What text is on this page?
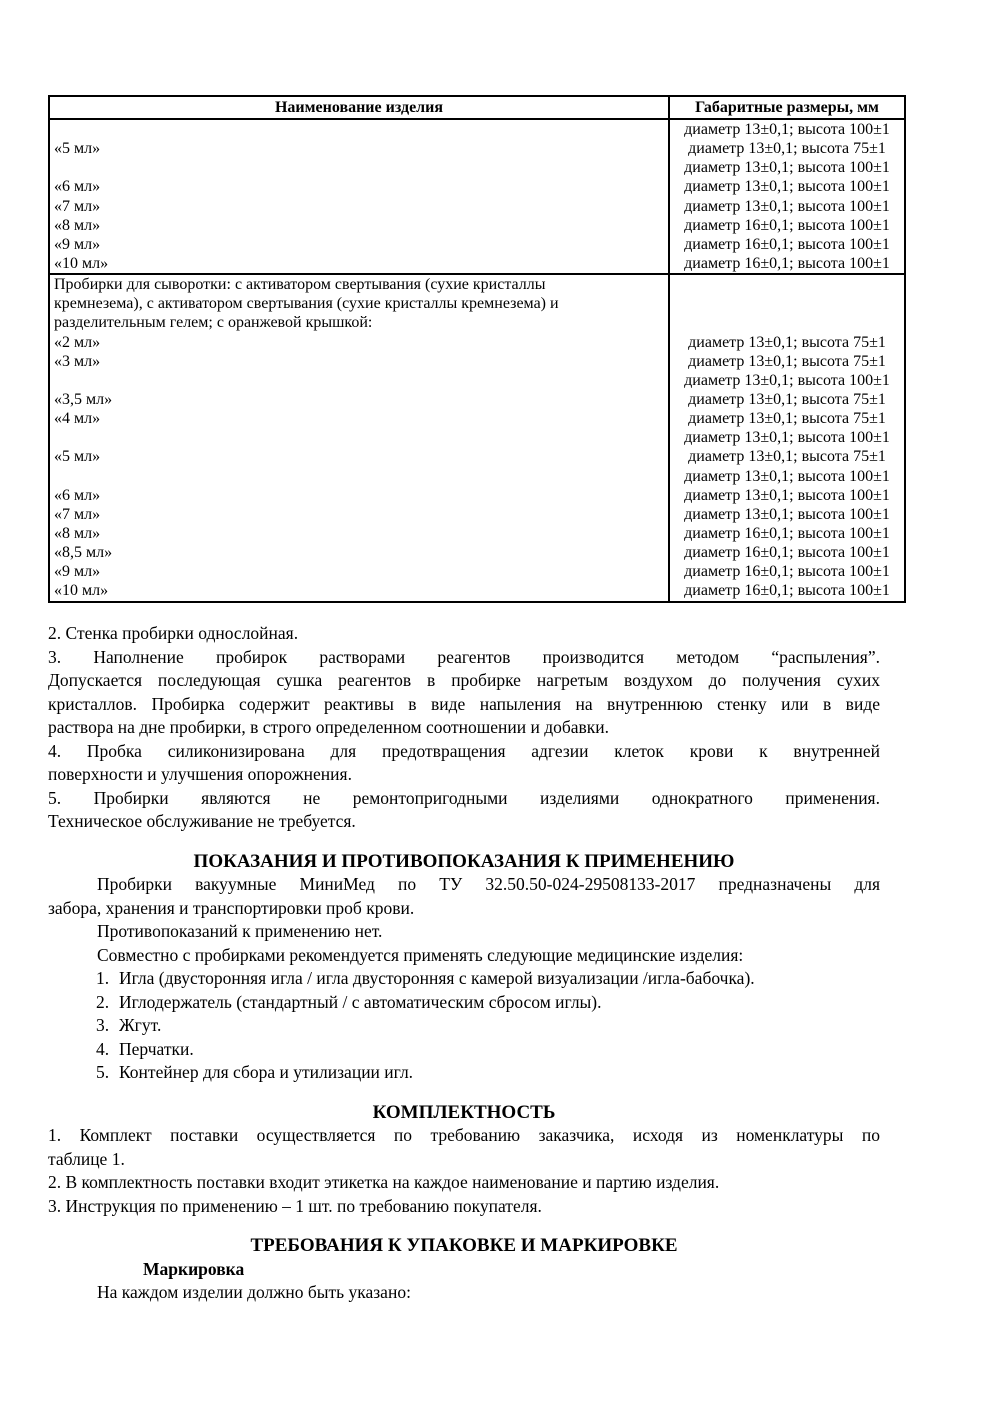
Наименование изделия	Габаритные размеры, мм

«5 мл»

«6 мл»
«7 мл»
«8 мл»
«9 мл»
«10 мл»
диаметр 13±0,1; высота 100±1
диаметр 13±0,1; высота 75±1
диаметр 13±0,1; высота 100±1
диаметр 13±0,1; высота 100±1
диаметр 13±0,1; высота 100±1
диаметр 16±0,1; высота 100±1
диаметр 16±0,1; высота 100±1
диаметр 16±0,1; высота 100±1
Пробирки для сыворотки: с активатором свертывания (сухие кристаллы
кремнезема), с активатором свертывания (сухие кристаллы кремнезема) и
разделительным гелем; с оранжевой крышкой:
«2 мл»
«3 мл»

«3,5 мл»
«4 мл»

«5 мл»

«6 мл»
«7 мл»
«8 мл»
«8,5 мл»
«9 мл»
«10 мл»

диаметр 13±0,1; высота 75±1
диаметр 13±0,1; высота 75±1
диаметр 13±0,1; высота 100±1
диаметр 13±0,1; высота 75±1
диаметр 13±0,1; высота 75±1
диаметр 13±0,1; высота 100±1
диаметр 13±0,1; высота 75±1
диаметр 13±0,1; высота 100±1
диаметр 13±0,1; высота 100±1
диаметр 13±0,1; высота 100±1
диаметр 16±0,1; высота 100±1
диаметр 16±0,1; высота 100±1
диаметр 16±0,1; высота 100±1
диаметр 16±0,1; высота 100±1
2. Стенка пробирки однослойная.
3. Наполнение пробирок растворами реагентов производится методом “распыления”.
Допускается последующая сушка реагентов в пробирке нагретым воздухом до получения сухих
кристаллов. Пробирка содержит реактивы в виде напыления на внутреннюю стенку или в виде
раствора на дне пробирки, в строго определенном соотношении и добавки.
4. Пробка силиконизирована для предотвращения адгезии клеток крови к внутренней
поверхности и улучшения опорожнения.
5. Пробирки являются не ремонтопригодными изделиями однократного применения.
Техническое обслуживание не требуется.
ПОКАЗАНИЯ И ПРОТИВОПОКАЗАНИЯ К ПРИМЕНЕНИЮ
Пробирки вакуумные МиниМед по ТУ 32.50.50-024-29508133-2017 предназначены для
забора, хранения и транспортировки проб крови.
Противопоказаний к применению нет.
Совместно с пробирками рекомендуется применять следующие медицинские изделия:
1. Игла (двусторонняя игла / игла двусторонняя с камерой визуализации /игла-бабочка).
2. Иглодержатель (стандартный / с автоматическим сбросом иглы).
3. Жгут.
4. Перчатки.
5. Контейнер для сбора и утилизации игл.
КОМПЛЕКТНОСТЬ
1. Комплект поставки осуществляется по требованию заказчика, исходя из номенклатуры по
таблице 1.
2. В комплектность поставки входит этикетка на каждое наименование и партию изделия.
3. Инструкция по применению – 1 шт. по требованию покупателя.
ТРЕБОВАНИЯ К УПАКОВКЕ И МАРКИРОВКЕ
Маркировка
На каждом изделии должно быть указано:
